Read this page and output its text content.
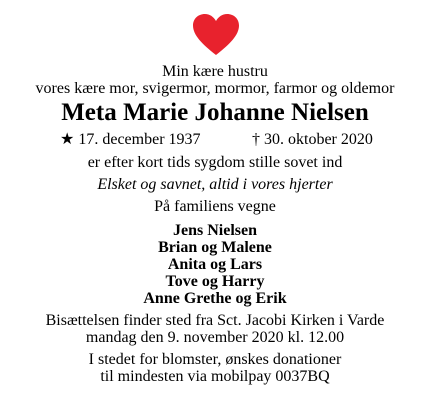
Min kære hustru
vores kære mor, svigermor, mormor, farmor og oldemor
Meta Marie Johanne Nielsen
★ 17. december 1937	† 30. oktober 2020
er efter kort tids sygdom stille sovet ind
Elsket og savnet, altid i vores hjerter
På familiens vegne
Jens Nielsen
Brian og Malene
Anita og Lars
Tove og Harry
Anne Grethe og Erik
Bisættelsen finder sted fra Sct. Jacobi Kirken i Varde
mandag den 9. november 2020 kl. 12.00
I stedet for blomster, ønskes donationer
til mindesten via mobilpay 0037BQ
